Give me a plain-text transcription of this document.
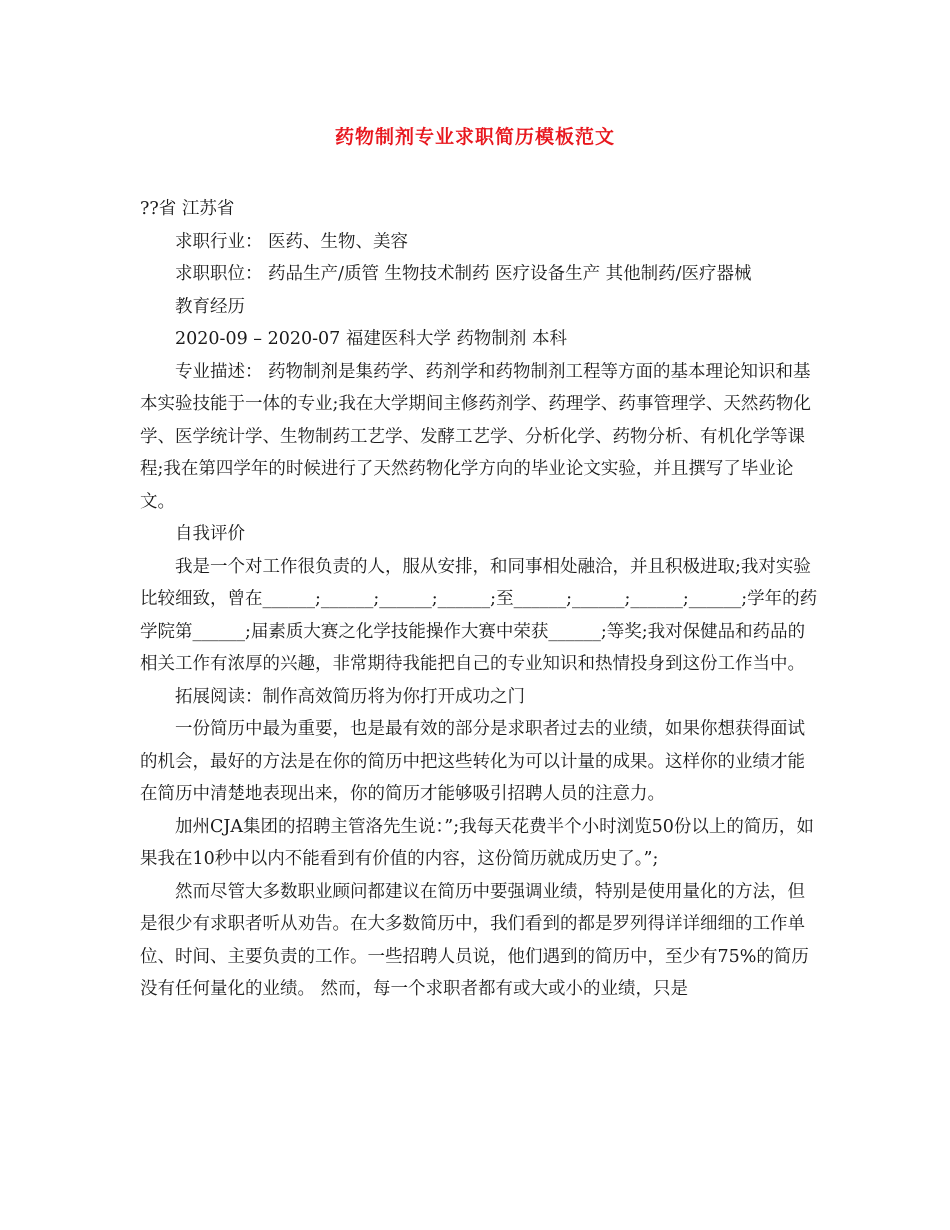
药物制剂专业求职简历模板范文

??省 江苏省

求职行业： 医药、生物、美容

求职职位： 药品生产/质管 生物技术制药 医疗设备生产 其他制药/医疗器械

教育经历

2020-09 – 2020-07 福建医科大学 药物制剂 本科

专业描述： 药物制剂是集药学、药剂学和药物制剂工程等方面的基本理论知识和基本实验技能于一体的专业;我在大学期间主修药剂学、药理学、药事管理学、天然药物化学、医学统计学、生物制药工艺学、发酵工艺学、分析化学、药物分析、有机化学等课程;我在第四学年的时候进行了天然药物化学方向的毕业论文实验，并且撰写了毕业论文。

自我评价

我是一个对工作很负责的人，服从安排，和同事相处融洽，并且积极进取;我对实验比较细致，曾在______;______;______;______;至______;______;______;______;学年的药学院第______;届素质大赛之化学技能操作大赛中荣获______;等奖;我对保健品和药品的相关工作有浓厚的兴趣，非常期待我能把自己的专业知识和热情投身到这份工作当中。

拓展阅读：制作高效简历将为你打开成功之门

一份简历中最为重要，也是最有效的部分是求职者过去的业绩，如果你想获得面试的机会，最好的方法是在你的简历中把这些转化为可以计量的成果。这样你的业绩才能在简历中清楚地表现出来，你的简历才能够吸引招聘人员的注意力。

加州CJA集团的招聘主管洛先生说：”;我每天花费半个小时浏览50份以上的简历，如果我在10秒中以内不能看到有价值的内容，这份简历就成历史了。”;

然而尽管大多数职业顾问都建议在简历中要强调业绩，特别是使用量化的方法，但是很少有求职者听从劝告。在大多数简历中，我们看到的都是罗列得详详细细的工作单位、时间、主要负责的工作。一些招聘人员说，他们遇到的简历中，至少有75%的简历没有任何量化的业绩。 然而，每一个求职者都有或大或小的业绩，只是
